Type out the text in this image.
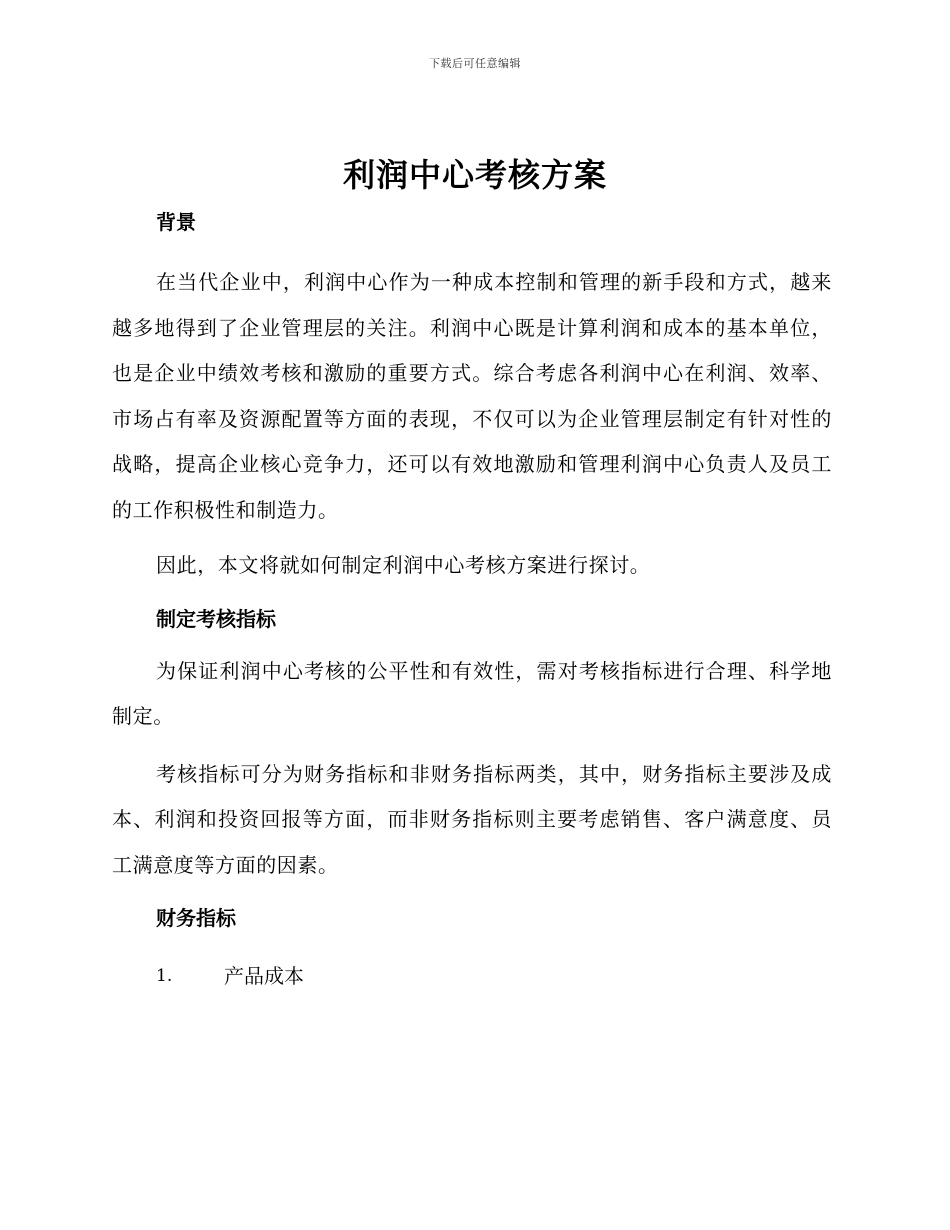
下载后可任意编辑
利润中心考核方案
背景

在当代企业中，利润中心作为一种成本控制和管理的新手段和方式，越来越多地得到了企业管理层的关注。利润中心既是计算利润和成本的基本单位，也是企业中绩效考核和激励的重要方式。综合考虑各利润中心在利润、效率、市场占有率及资源配置等方面的表现，不仅可以为企业管理层制定有针对性的战略，提高企业核心竞争力，还可以有效地激励和管理利润中心负责人及员工的工作积极性和制造力。

因此，本文将就如何制定利润中心考核方案进行探讨。

制定考核指标

为保证利润中心考核的公平性和有效性，需对考核指标进行合理、科学地制定。

考核指标可分为财务指标和非财务指标两类，其中，财务指标主要涉及成本、利润和投资回报等方面，而非财务指标则主要考虑销售、客户满意度、员工满意度等方面的因素。

财务指标
1.	产品成本
